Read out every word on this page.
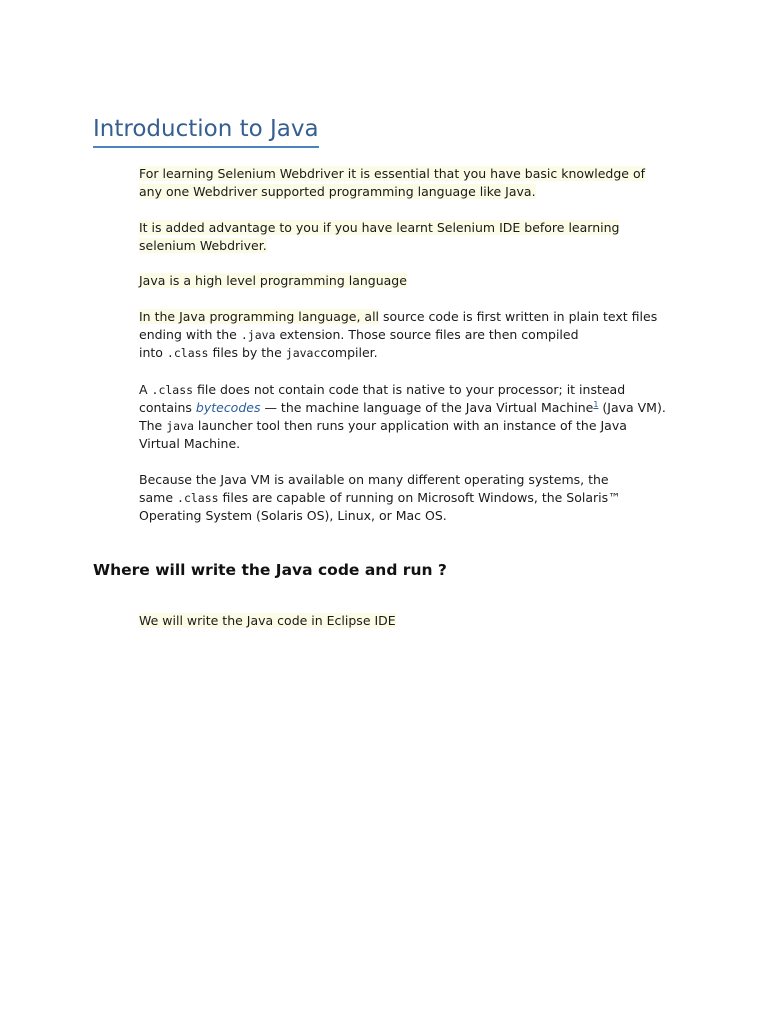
Introduction to Java

For learning Selenium Webdriver it is essential that you have basic knowledge of
any one Webdriver supported programming language like Java.

It is added advantage to you if you have learnt Selenium IDE before learning
selenium Webdriver.

Java is a high level programming language

In the Java programming language, all source code is first written in plain text files
ending with the .java extension. Those source files are then compiled
into .class files by the javaccompiler.

A .class file does not contain code that is native to your processor; it instead
contains bytecodes — the machine language of the Java Virtual Machine$^1$ (Java VM).
The java launcher tool then runs your application with an instance of the Java
Virtual Machine.

Because the Java VM is available on many different operating systems, the
same .class files are capable of running on Microsoft Windows, the Solaris™
Operating System (Solaris OS), Linux, or Mac OS.

Where will write the Java code and run ?

We will write the Java code in Eclipse IDE
